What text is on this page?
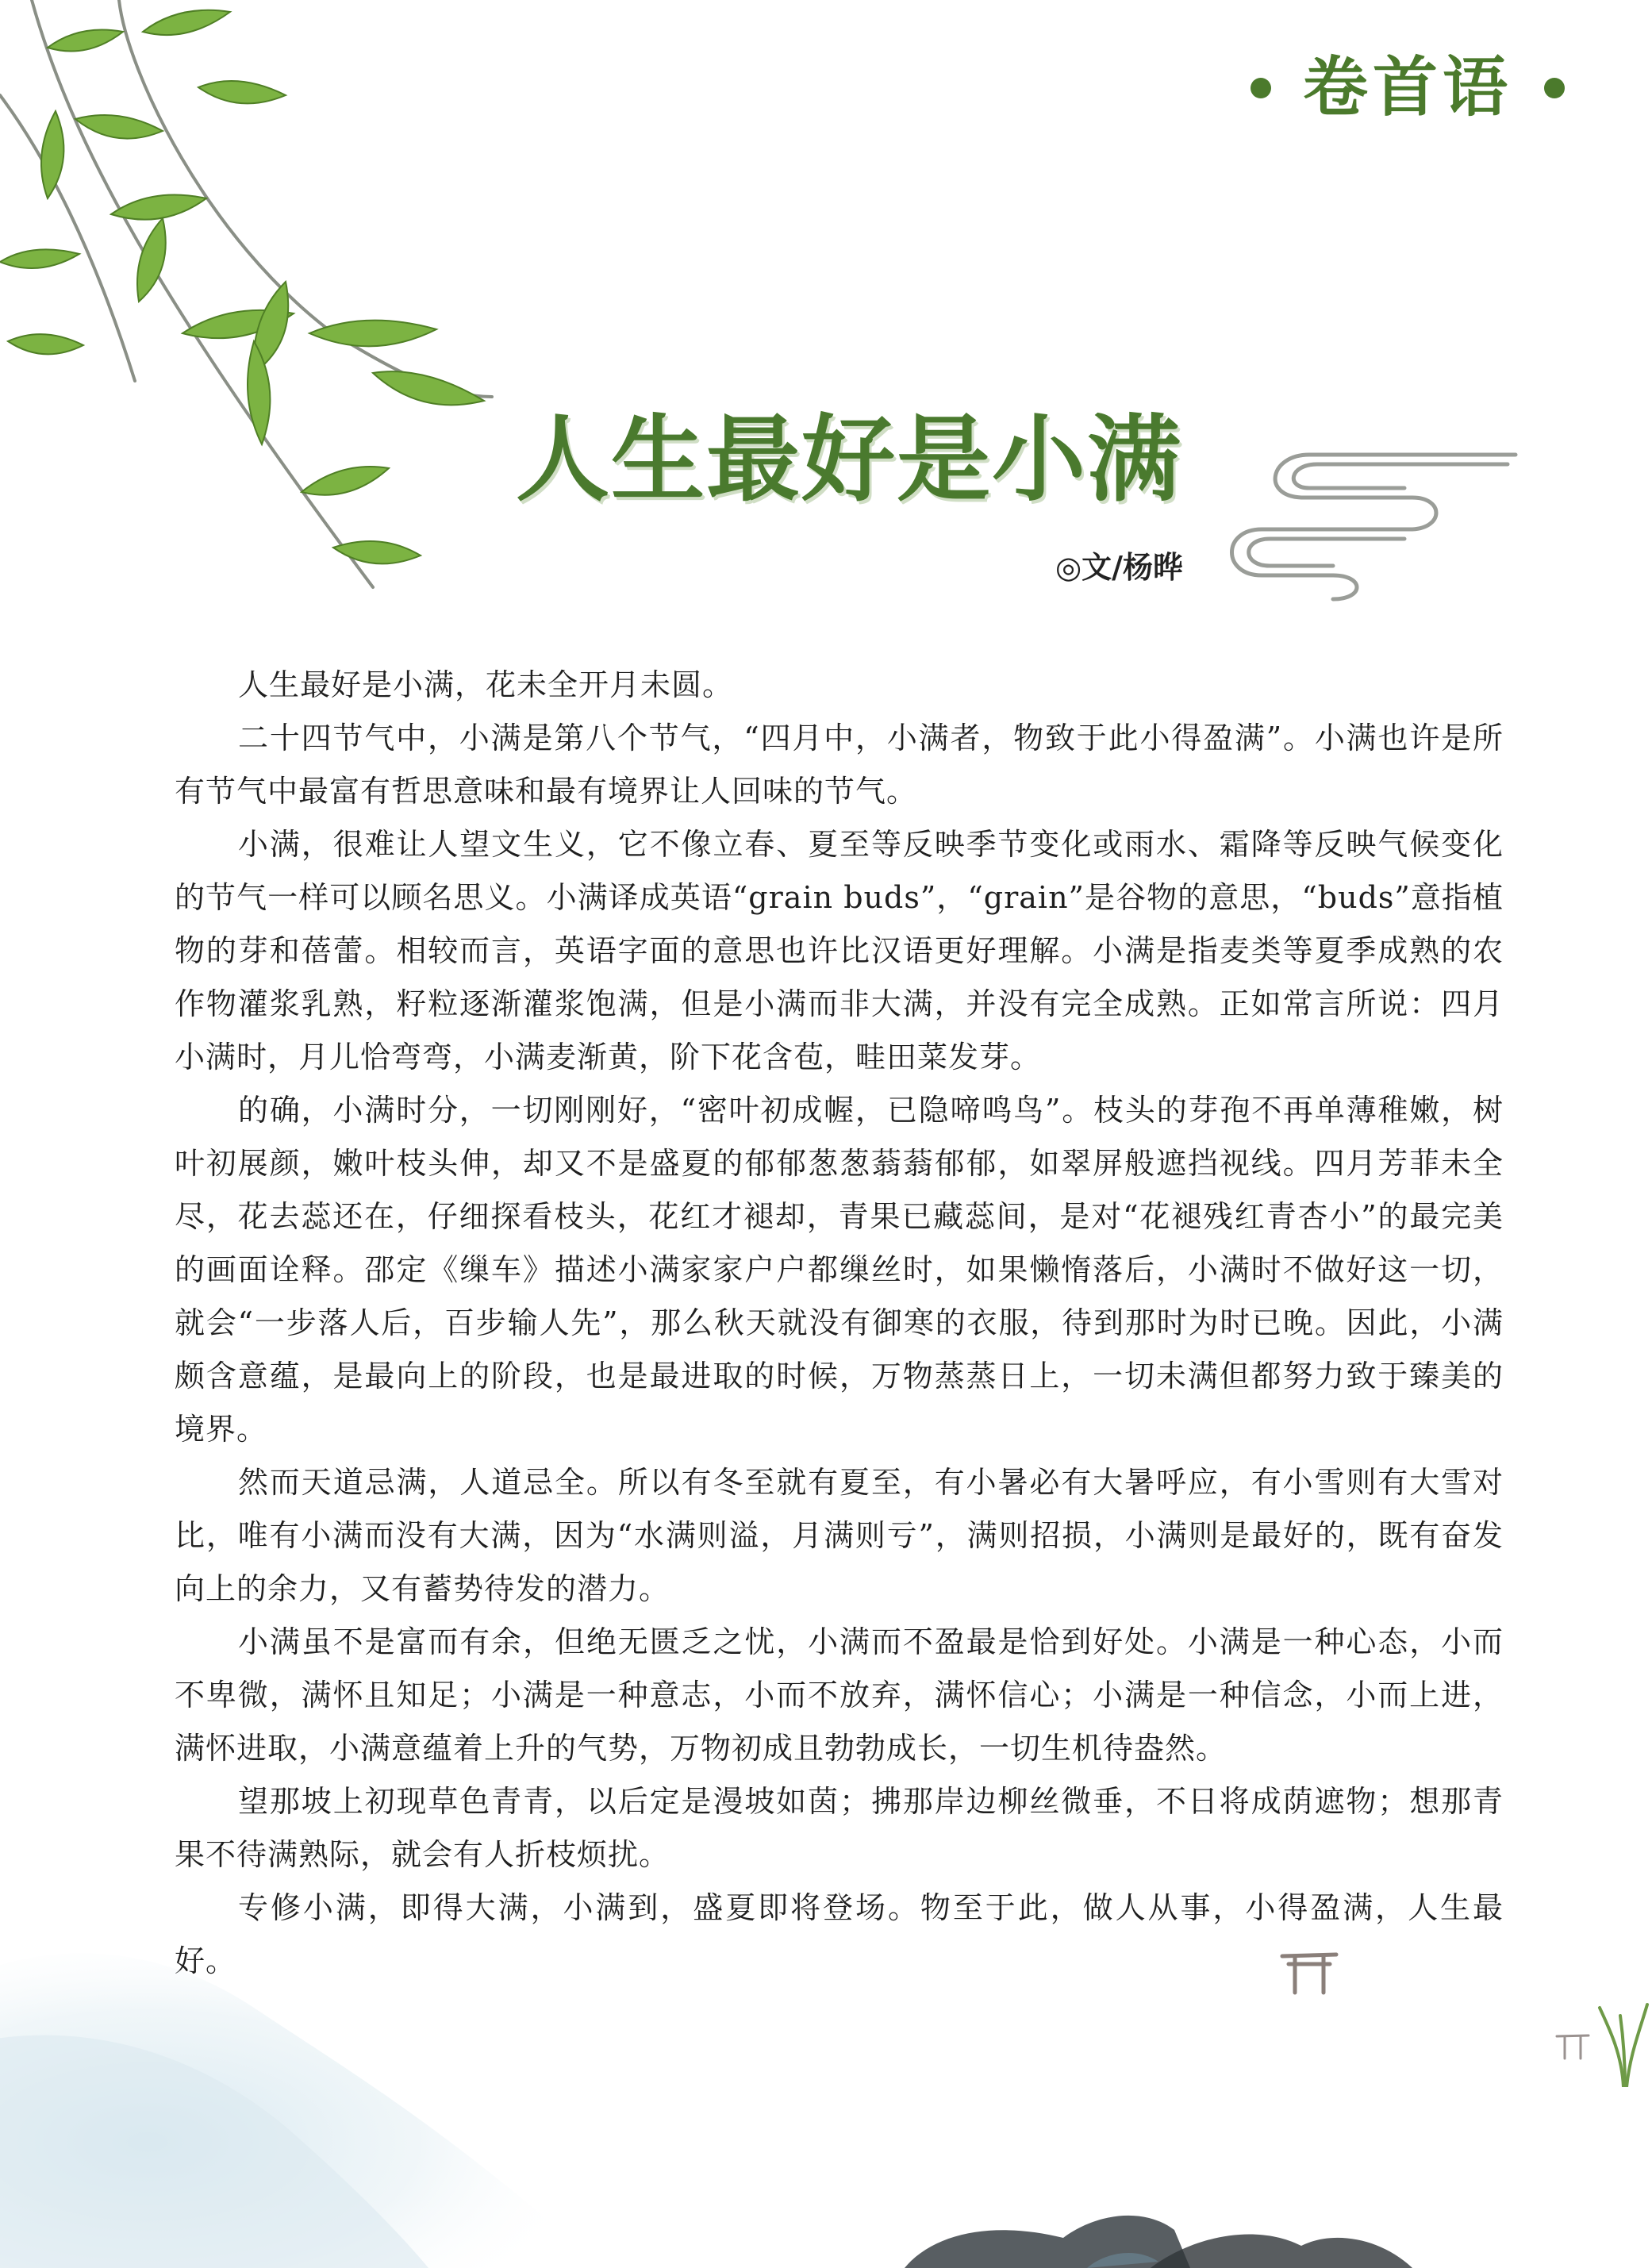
卷首语
人生最好是小满
◎文/杨晔

人生最好是小满，花未全开月未圆。

二十四节气中，小满是第八个节气，“四月中，小满者，物致于此小得盈满”。小满也许是所有节气中最富有哲思意味和最有境界让人回味的节气。

小满，很难让人望文生义，它不像立春、夏至等反映季节变化或雨水、霜降等反映气候变化的节气一样可以顾名思义。小满译成英语“grain buds”，“grain”是谷物的意思，“buds”意指植物的芽和蓓蕾。相较而言，英语字面的意思也许比汉语更好理解。小满是指麦类等夏季成熟的农作物灌浆乳熟，籽粒逐渐灌浆饱满，但是小满而非大满，并没有完全成熟。正如常言所说：四月小满时，月儿恰弯弯，小满麦渐黄，阶下花含苞，畦田菜发芽。

的确，小满时分，一切刚刚好，“密叶初成幄，已隐啼鸣鸟”。枝头的芽孢不再单薄稚嫩，树叶初展颜，嫩叶枝头伸，却又不是盛夏的郁郁葱葱蓊蓊郁郁，如翠屏般遮挡视线。四月芳菲未全尽，花去蕊还在，仔细探看枝头，花红才褪却，青果已藏蕊间，是对“花褪残红青杏小”的最完美的画面诠释。邵定《缫车》描述小满家家户户都缫丝时，如果懒惰落后，小满时不做好这一切，就会“一步落人后，百步输人先”，那么秋天就没有御寒的衣服，待到那时为时已晚。因此，小满颇含意蕴，是最向上的阶段，也是最进取的时候，万物蒸蒸日上，一切未满但都努力致于臻美的境界。

然而天道忌满，人道忌全。所以有冬至就有夏至，有小暑必有大暑呼应，有小雪则有大雪对比，唯有小满而没有大满，因为“水满则溢，月满则亏”，满则招损，小满则是最好的，既有奋发向上的余力，又有蓄势待发的潜力。

小满虽不是富而有余，但绝无匮乏之忧，小满而不盈最是恰到好处。小满是一种心态，小而不卑微，满怀且知足；小满是一种意志，小而不放弃，满怀信心；小满是一种信念，小而上进，满怀进取，小满意蕴着上升的气势，万物初成且勃勃成长，一切生机待盎然。

望那坡上初现草色青青，以后定是漫坡如茵；拂那岸边柳丝微垂，不日将成荫遮物；想那青果不待满熟际，就会有人折枝烦扰。

专修小满，即得大满，小满到，盛夏即将登场。物至于此，做人从事，小得盈满，人生最好。
